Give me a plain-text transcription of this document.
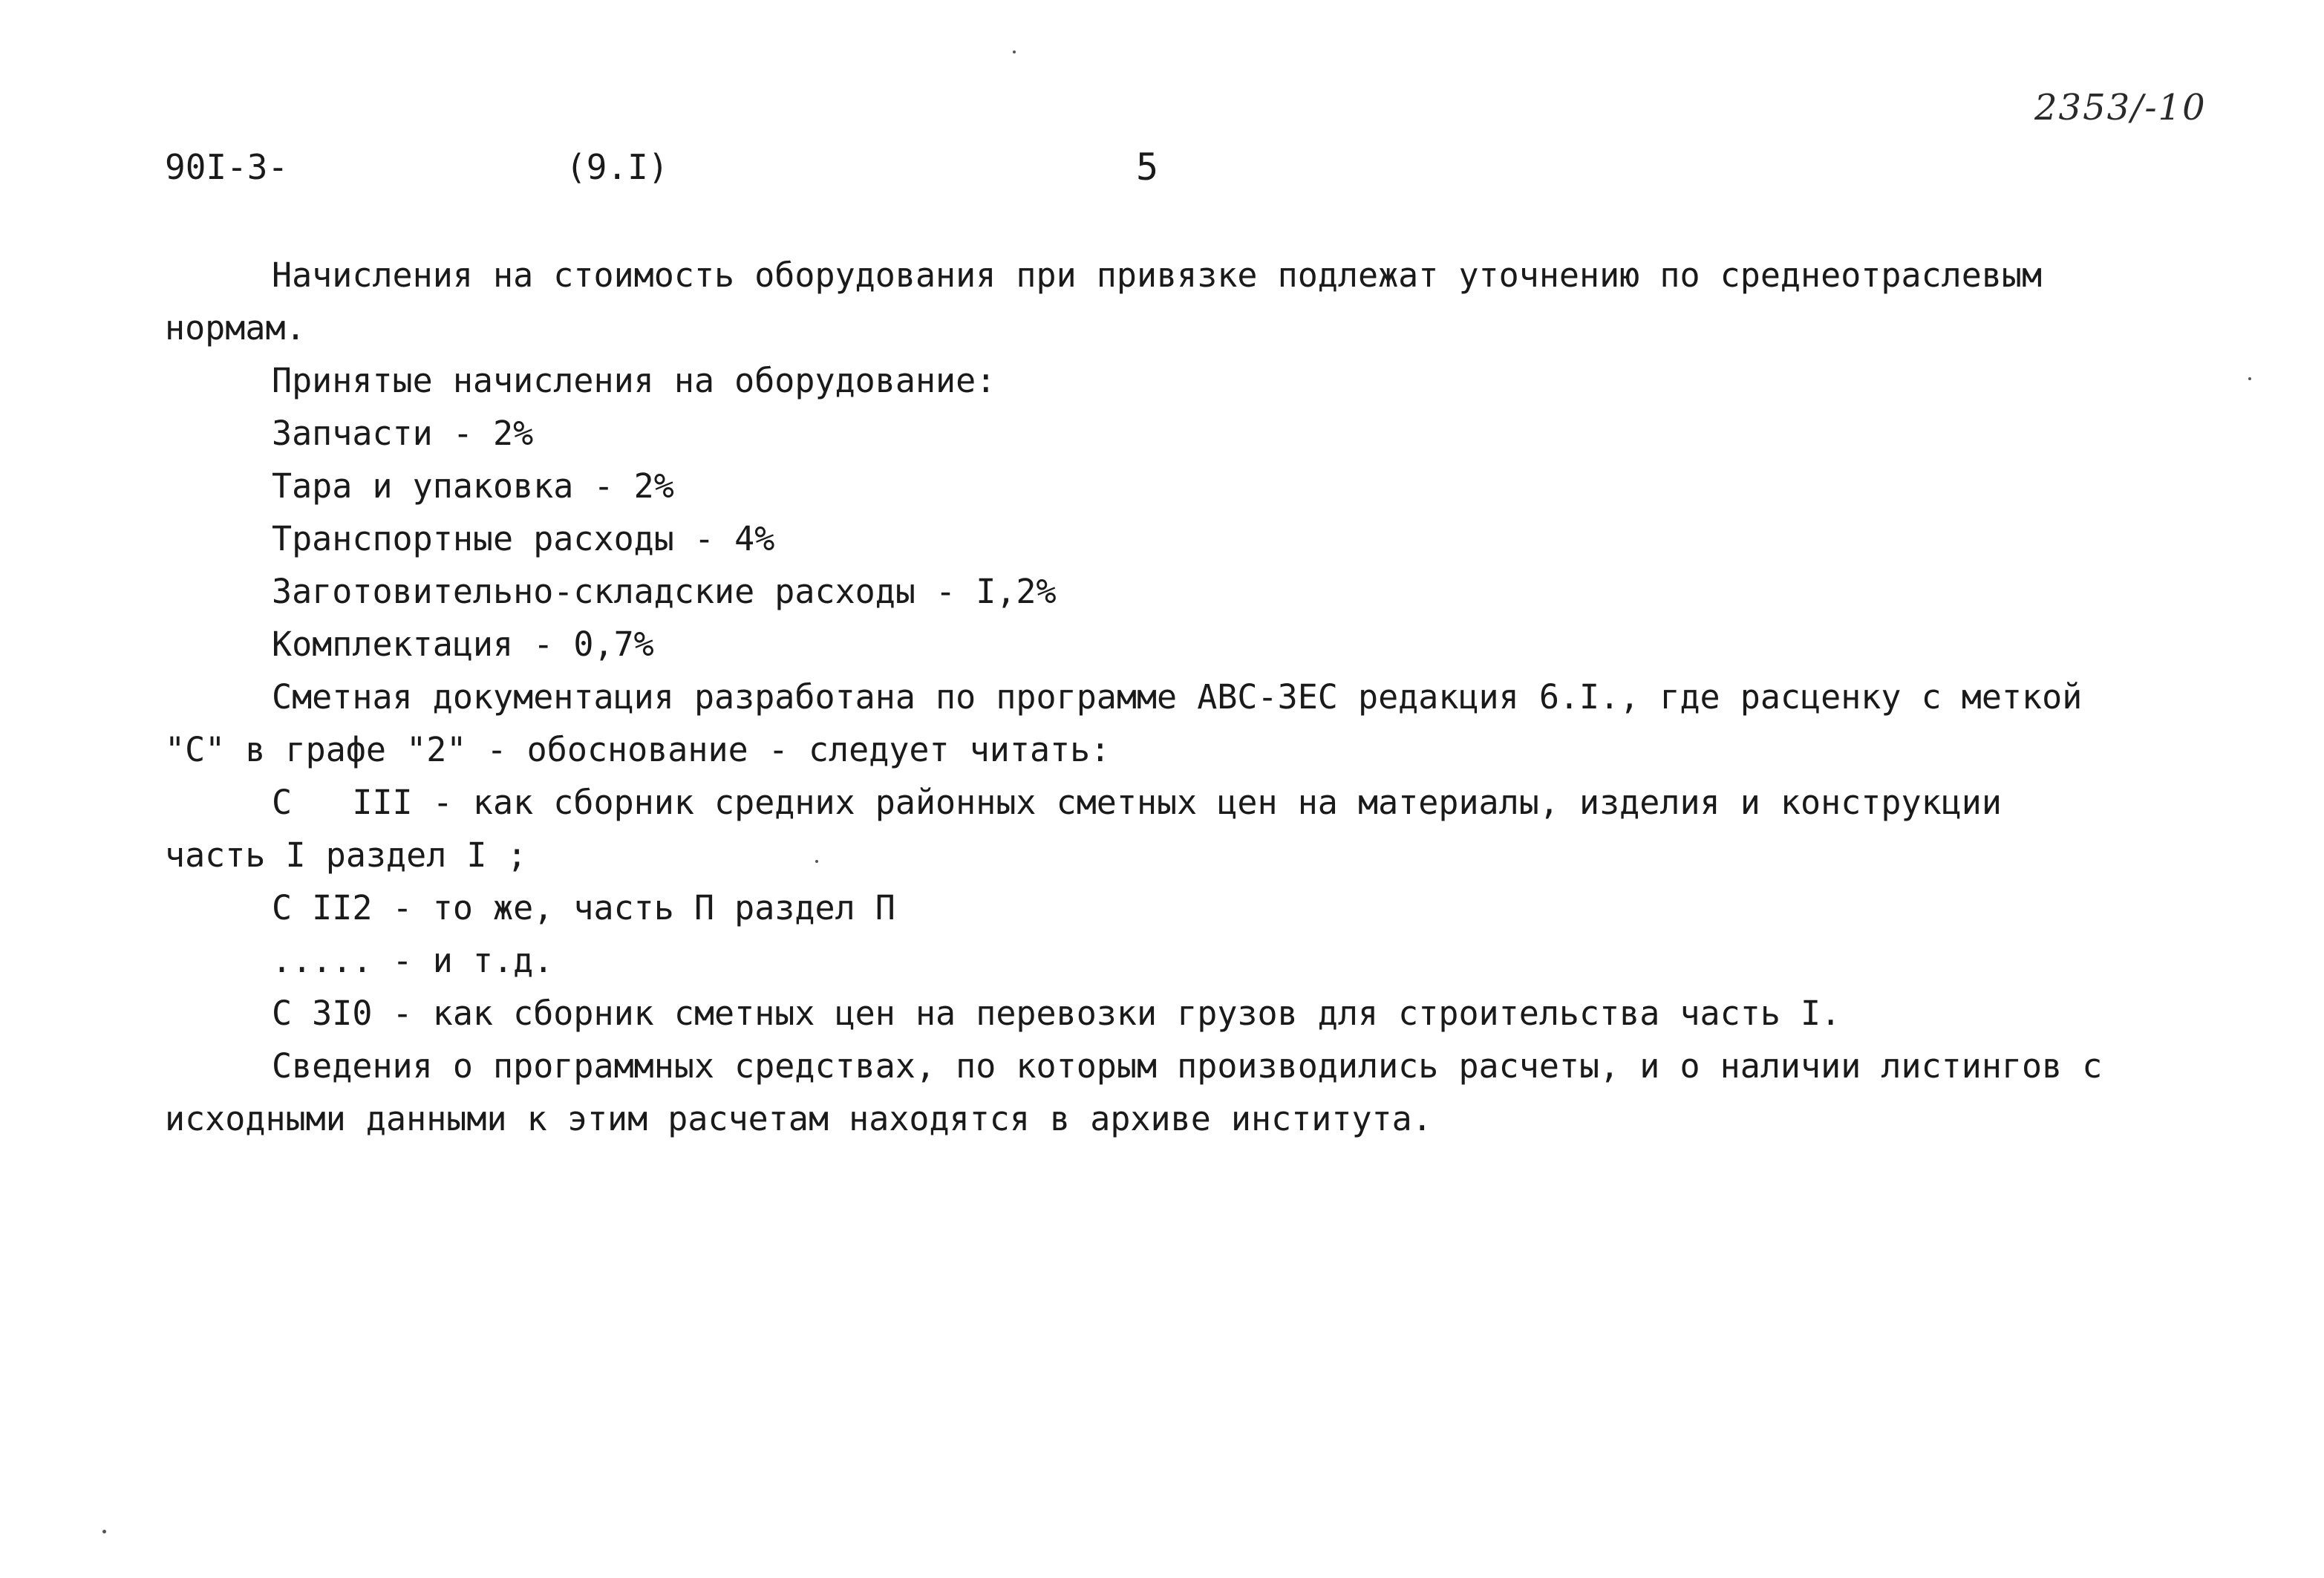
90I-3-	(9.I)	5
2353/-10
Начисления на стоимость оборудования при привязке подлежат уточнению по среднеотраслевым
нормам.
Принятые начисления на оборудование:
Запчасти - 2%
Тара и упаковка - 2%
Транспортные расходы - 4%
Заготовительно-складские расходы - I,2%
Комплектация - 0,7%
Сметная документация разработана по программе АВС-ЗЕС редакция 6.I., где расценку с меткой
"С" в графе "2" - обоснование - следует читать:
С   III - как сборник средних районных сметных цен на материалы, изделия и конструкции
часть I раздел I ;
С II2 - то же, часть П раздел П
..... - и т.д.
С 3I0 - как сборник сметных цен на перевозки грузов для строительства часть I.
Сведения о программных средствах, по которым производились расчеты, и о наличии листингов с
исходными данными к этим расчетам находятся в архиве института.
